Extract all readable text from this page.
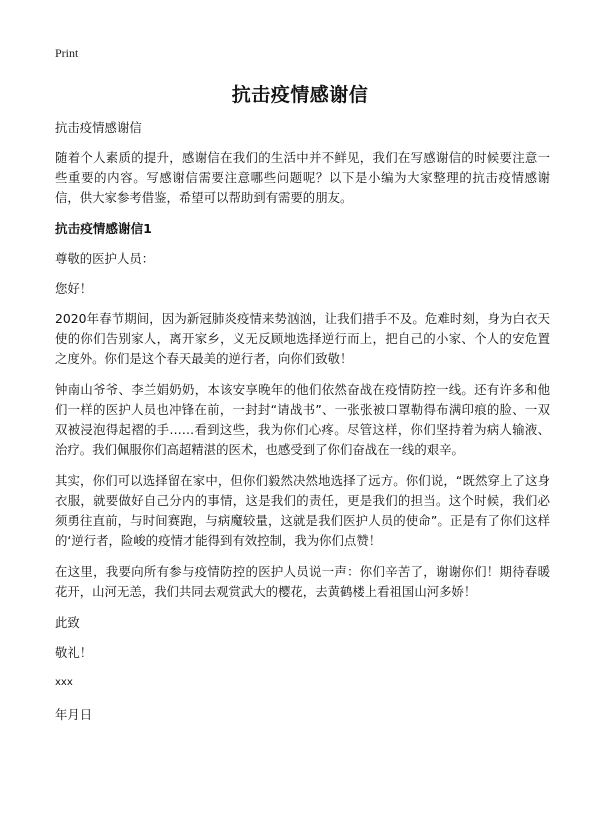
Print
抗击疫情感谢信

抗击疫情感谢信

随着个人素质的提升，感谢信在我们的生活中并不鲜见，我们在写感谢信的时候要注意一些重要的内容。写感谢信需要注意哪些问题呢？以下是小编为大家整理的抗击疫情感谢信，供大家参考借鉴，希望可以帮助到有需要的朋友。

抗击疫情感谢信1

尊敬的医护人员：

您好！

2020年春节期间，因为新冠肺炎疫情来势汹汹，让我们措手不及。危难时刻，身为白衣天使的你们告别家人，离开家乡，义无反顾地选择逆行而上，把自己的小家、个人的安危置之度外。你们是这个春天最美的逆行者，向你们致敬！

钟南山爷爷、李兰娟奶奶，本该安享晚年的他们依然奋战在疫情防控一线。还有许多和他们一样的医护人员也冲锋在前，一封封“请战书”、一张张被口罩勒得布满印痕的脸、一双双被浸泡得起褶的手……看到这些，我为你们心疼。尽管这样，你们坚持着为病人输液、治疗。我们佩服你们高超精湛的医术，也感受到了你们奋战在一线的艰辛。

其实，你们可以选择留在家中，但你们毅然决然地选择了远方。你们说，“既然穿上了这身衣服，就要做好自己分内的事情，这是我们的责任，更是我们的担当。这个时候，我们必须勇往直前，与时间赛跑，与病魔较量，这就是我们医护人员的使命”。正是有了你们这样的‘逆行者，险峻的疫情才能得到有效控制，我为你们点赞！

在这里，我要向所有参与疫情防控的医护人员说一声：你们辛苦了，谢谢你们！期待春暖花开，山河无恙，我们共同去观赏武大的樱花，去黄鹤楼上看祖国山河多娇！

此致

敬礼！

xxx

年月日
